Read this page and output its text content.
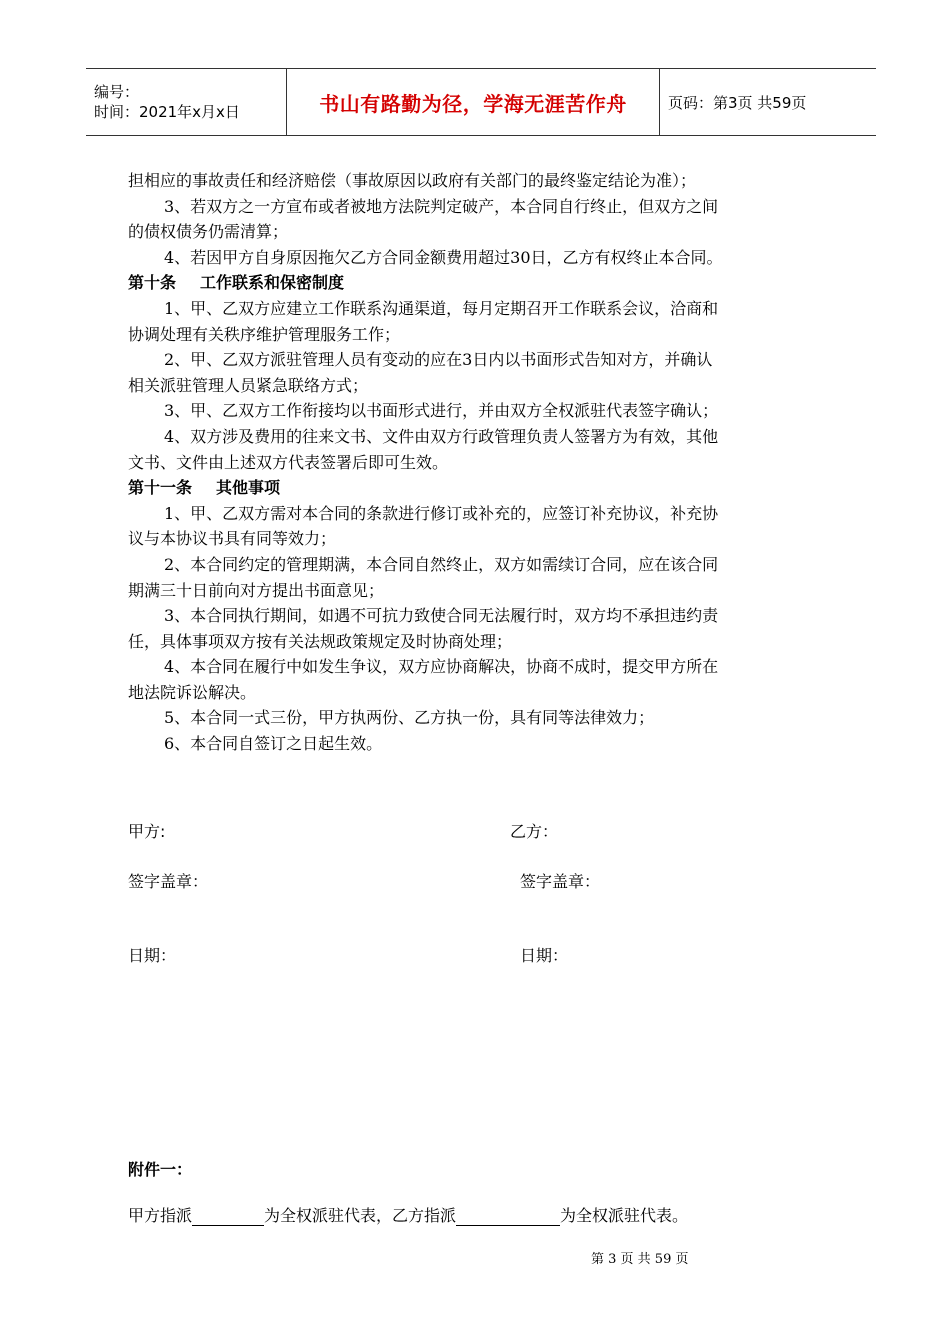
编号：
时间：2021年x月x日	书山有路勤为径，学海无涯苦作舟	页码：第3页 共59页
担相应的事故责任和经济赔偿（事故原因以政府有关部门的最终鉴定结论为准）；
3、若双方之一方宣布或者被地方法院判定破产，本合同自行终止，但双方之间
的债权债务仍需清算；
4、若因甲方自身原因拖欠乙方合同金额费用超过30日，乙方有权终止本合同。
第十条 工作联系和保密制度
1、甲、乙双方应建立工作联系沟通渠道，每月定期召开工作联系会议，洽商和
协调处理有关秩序维护管理服务工作；
2、甲、乙双方派驻管理人员有变动的应在3日内以书面形式告知对方，并确认
相关派驻管理人员紧急联络方式；
3、甲、乙双方工作衔接均以书面形式进行，并由双方全权派驻代表签字确认；
4、双方涉及费用的往来文书、文件由双方行政管理负责人签署方为有效，其他
文书、文件由上述双方代表签署后即可生效。
第十一条 其他事项
1、甲、乙双方需对本合同的条款进行修订或补充的，应签订补充协议，补充协
议与本协议书具有同等效力；
2、本合同约定的管理期满，本合同自然终止，双方如需续订合同，应在该合同
期满三十日前向对方提出书面意见；
3、本合同执行期间，如遇不可抗力致使合同无法履行时，双方均不承担违约责
任，具体事项双方按有关法规政策规定及时协商处理；
4、本合同在履行中如发生争议，双方应协商解决，协商不成时，提交甲方所在
地法院诉讼解决。
5、本合同一式三份，甲方执两份、乙方执一份，具有同等法律效力；
6、本合同自签订之日起生效。
甲方:	乙方：
签字盖章：	签字盖章：
日期：	日期：
附件一：
甲方指派	为全权派驻代表，乙方指派	为全权派驻代表。
第 3 页 共 59 页
